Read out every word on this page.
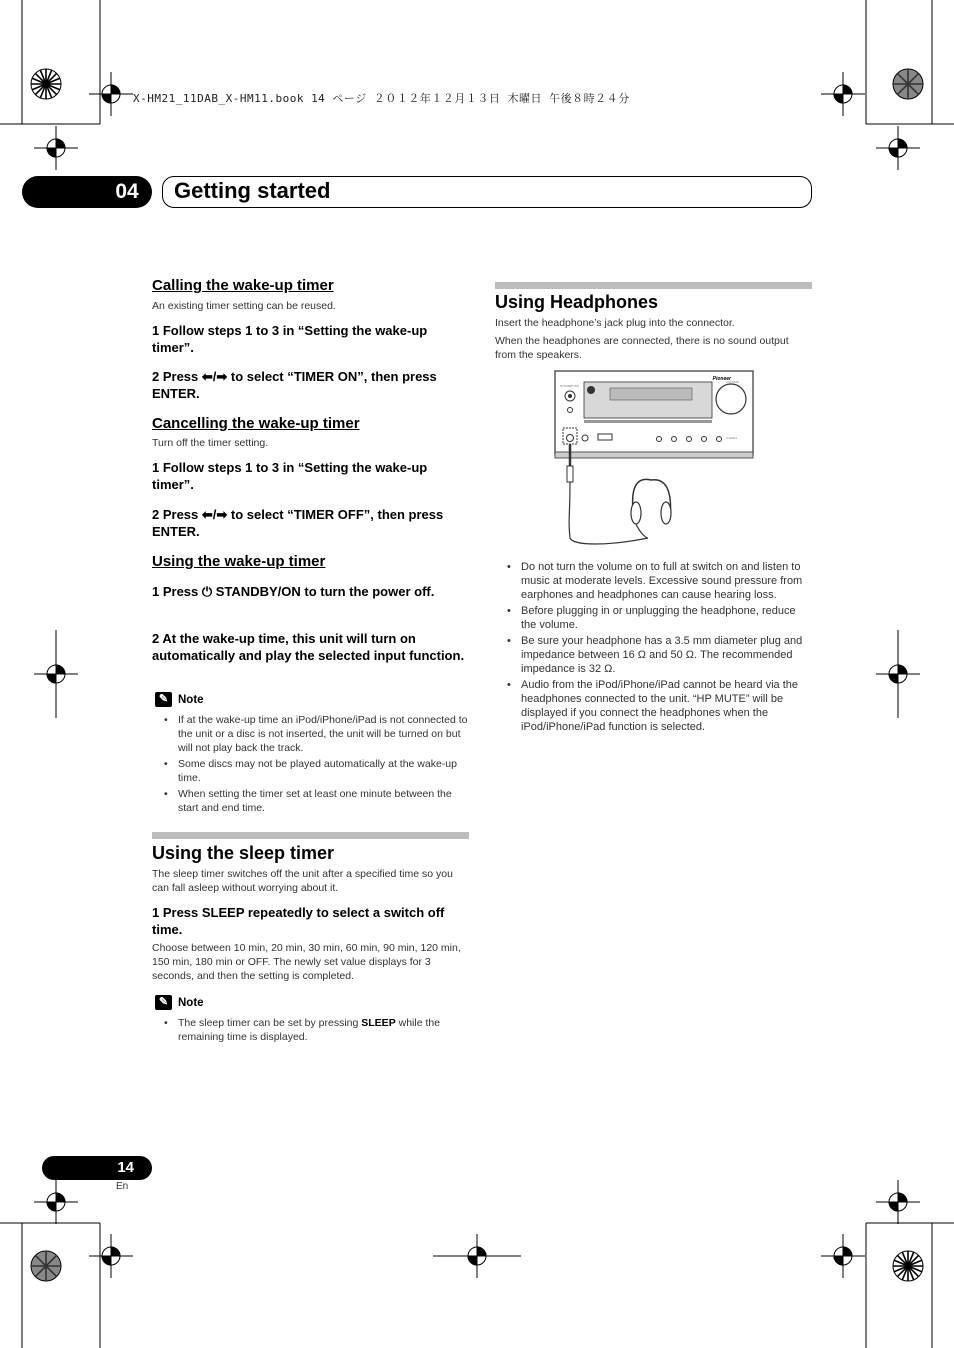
X-HM21_11DAB_X-HM11.book 14 ページ ２０１２年１２月１３日 木曜日 午後８時２４分
04	Getting started
Calling the wake-up timer
An existing timer setting can be reused.
1 Follow steps 1 to 3 in “Setting the wake-up timer”.
2 Press ⬅/➡ to select “TIMER ON”, then press ENTER.
Cancelling the wake-up timer
Turn off the timer setting.
1 Follow steps 1 to 3 in “Setting the wake-up timer”.
2 Press ⬅/➡ to select “TIMER OFF”, then press ENTER.
Using the wake-up timer
1 Press ⏻ STANDBY/ON to turn the power off.
2 At the wake-up time, this unit will turn on automatically and play the selected input function.
✎ Note
• If at the wake-up time an iPod/iPhone/iPad is not connected to the unit or a disc is not inserted, the unit will be turned on but will not play back the track.
• Some discs may not be played automatically at the wake-up time.
• When setting the timer set at least one minute between the start and end time.
Using the sleep timer
The sleep timer switches off the unit after a specified time so you can fall asleep without worrying about it.
1 Press SLEEP repeatedly to select a switch off time.
Choose between 10 min, 20 min, 30 min, 60 min, 90 min, 120 min, 150 min, 180 min or OFF. The newly set value displays for 3 seconds, and then the setting is completed.
✎ Note
• The sleep timer can be set by pressing SLEEP while the remaining time is displayed.
Using Headphones
Insert the headphone’s jack plug into the connector.
When the headphones are connected, there is no sound output from the speakers.
Pioneer
VOLUME
STANDBY/ON
X-HM21
• Do not turn the volume on to full at switch on and listen to music at moderate levels. Excessive sound pressure from earphones and headphones can cause hearing loss.
• Before plugging in or unplugging the headphone, reduce the volume.
• Be sure your headphone has a 3.5 mm diameter plug and impedance between 16 Ω and 50 Ω. The recommended impedance is 32 Ω.
• Audio from the iPod/iPhone/iPad cannot be heard via the headphones connected to the unit. “HP MUTE” will be displayed if you connect the headphones when the iPod/iPhone/iPad function is selected.
14
En
